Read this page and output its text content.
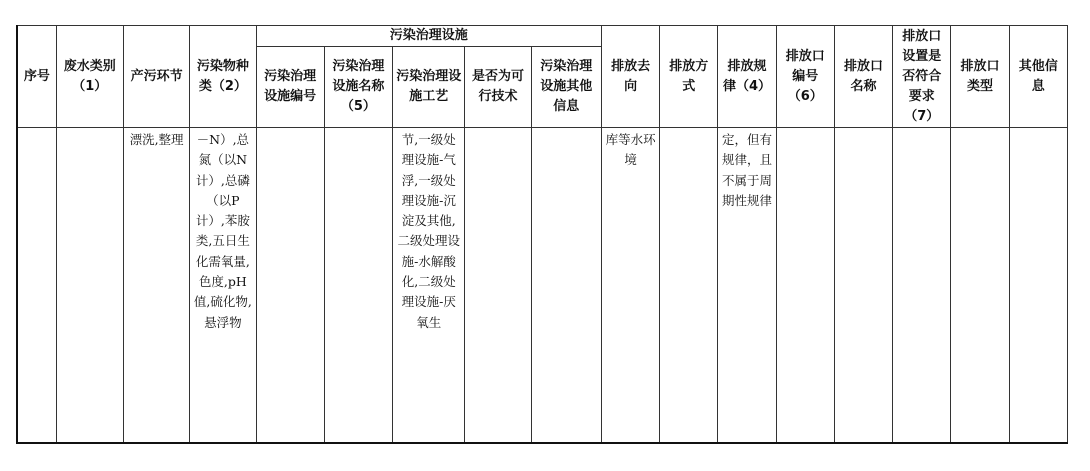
序号	废水类别（1）	产污环节	污染物种类（2）	污染治理设施					排放去向	排放方式	排放规律（4）	排放口编号（6）	排放口名称	排放口设置是否符合要求（7）	排放口类型	其他信息
				污染治理设施编号	污染治理设施名称（5）	污染治理设施工艺	是否为可行技术	污染治理设施其他信息								
		漂洗,整理	－N）,总氮（以N计）,总磷（以P计）,苯胺类,五日生化需氧量,色度,pH值,硫化物,悬浮物			节,一级处理设施-气浮,一级处理设施-沉淀及其他,二级处理设施-水解酸化,二级处理设施-厌氧生			库等水环境		定，但有规律，且不属于周期性规律					
